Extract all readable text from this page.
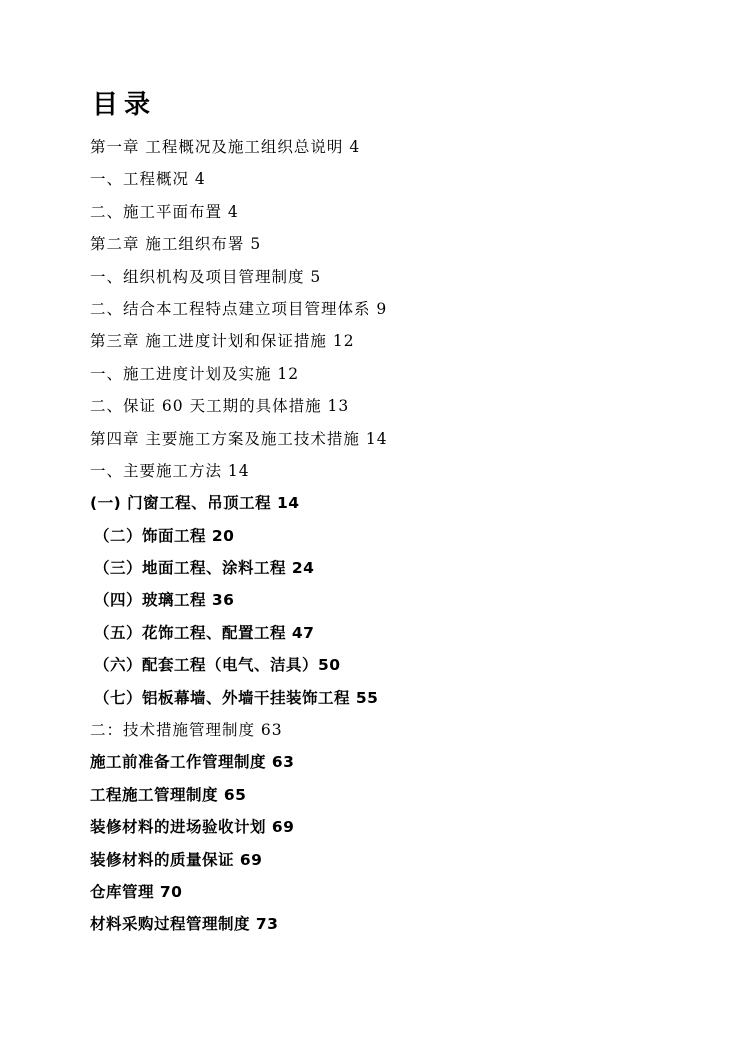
目录
第一章 工程概况及施工组织总说明 4
一、工程概况 4
二、施工平面布置 4
第二章 施工组织布署 5
一、组织机构及项目管理制度 5
二、结合本工程特点建立项目管理体系 9
第三章 施工进度计划和保证措施 12
一、施工进度计划及实施 12
二、保证 60 天工期的具体措施 13
第四章 主要施工方案及施工技术措施 14
一、主要施工方法 14
(一) 门窗工程、吊顶工程 14
（二）饰面工程 20
（三）地面工程、涂料工程 24
（四）玻璃工程 36
（五）花饰工程、配置工程 47
（六）配套工程（电气、洁具）50
（七）铝板幕墙、外墙干挂装饰工程 55
二：技术措施管理制度 63
施工前准备工作管理制度 63
工程施工管理制度 65
装修材料的进场验收计划 69
装修材料的质量保证 69
仓库管理 70
材料采购过程管理制度 73
